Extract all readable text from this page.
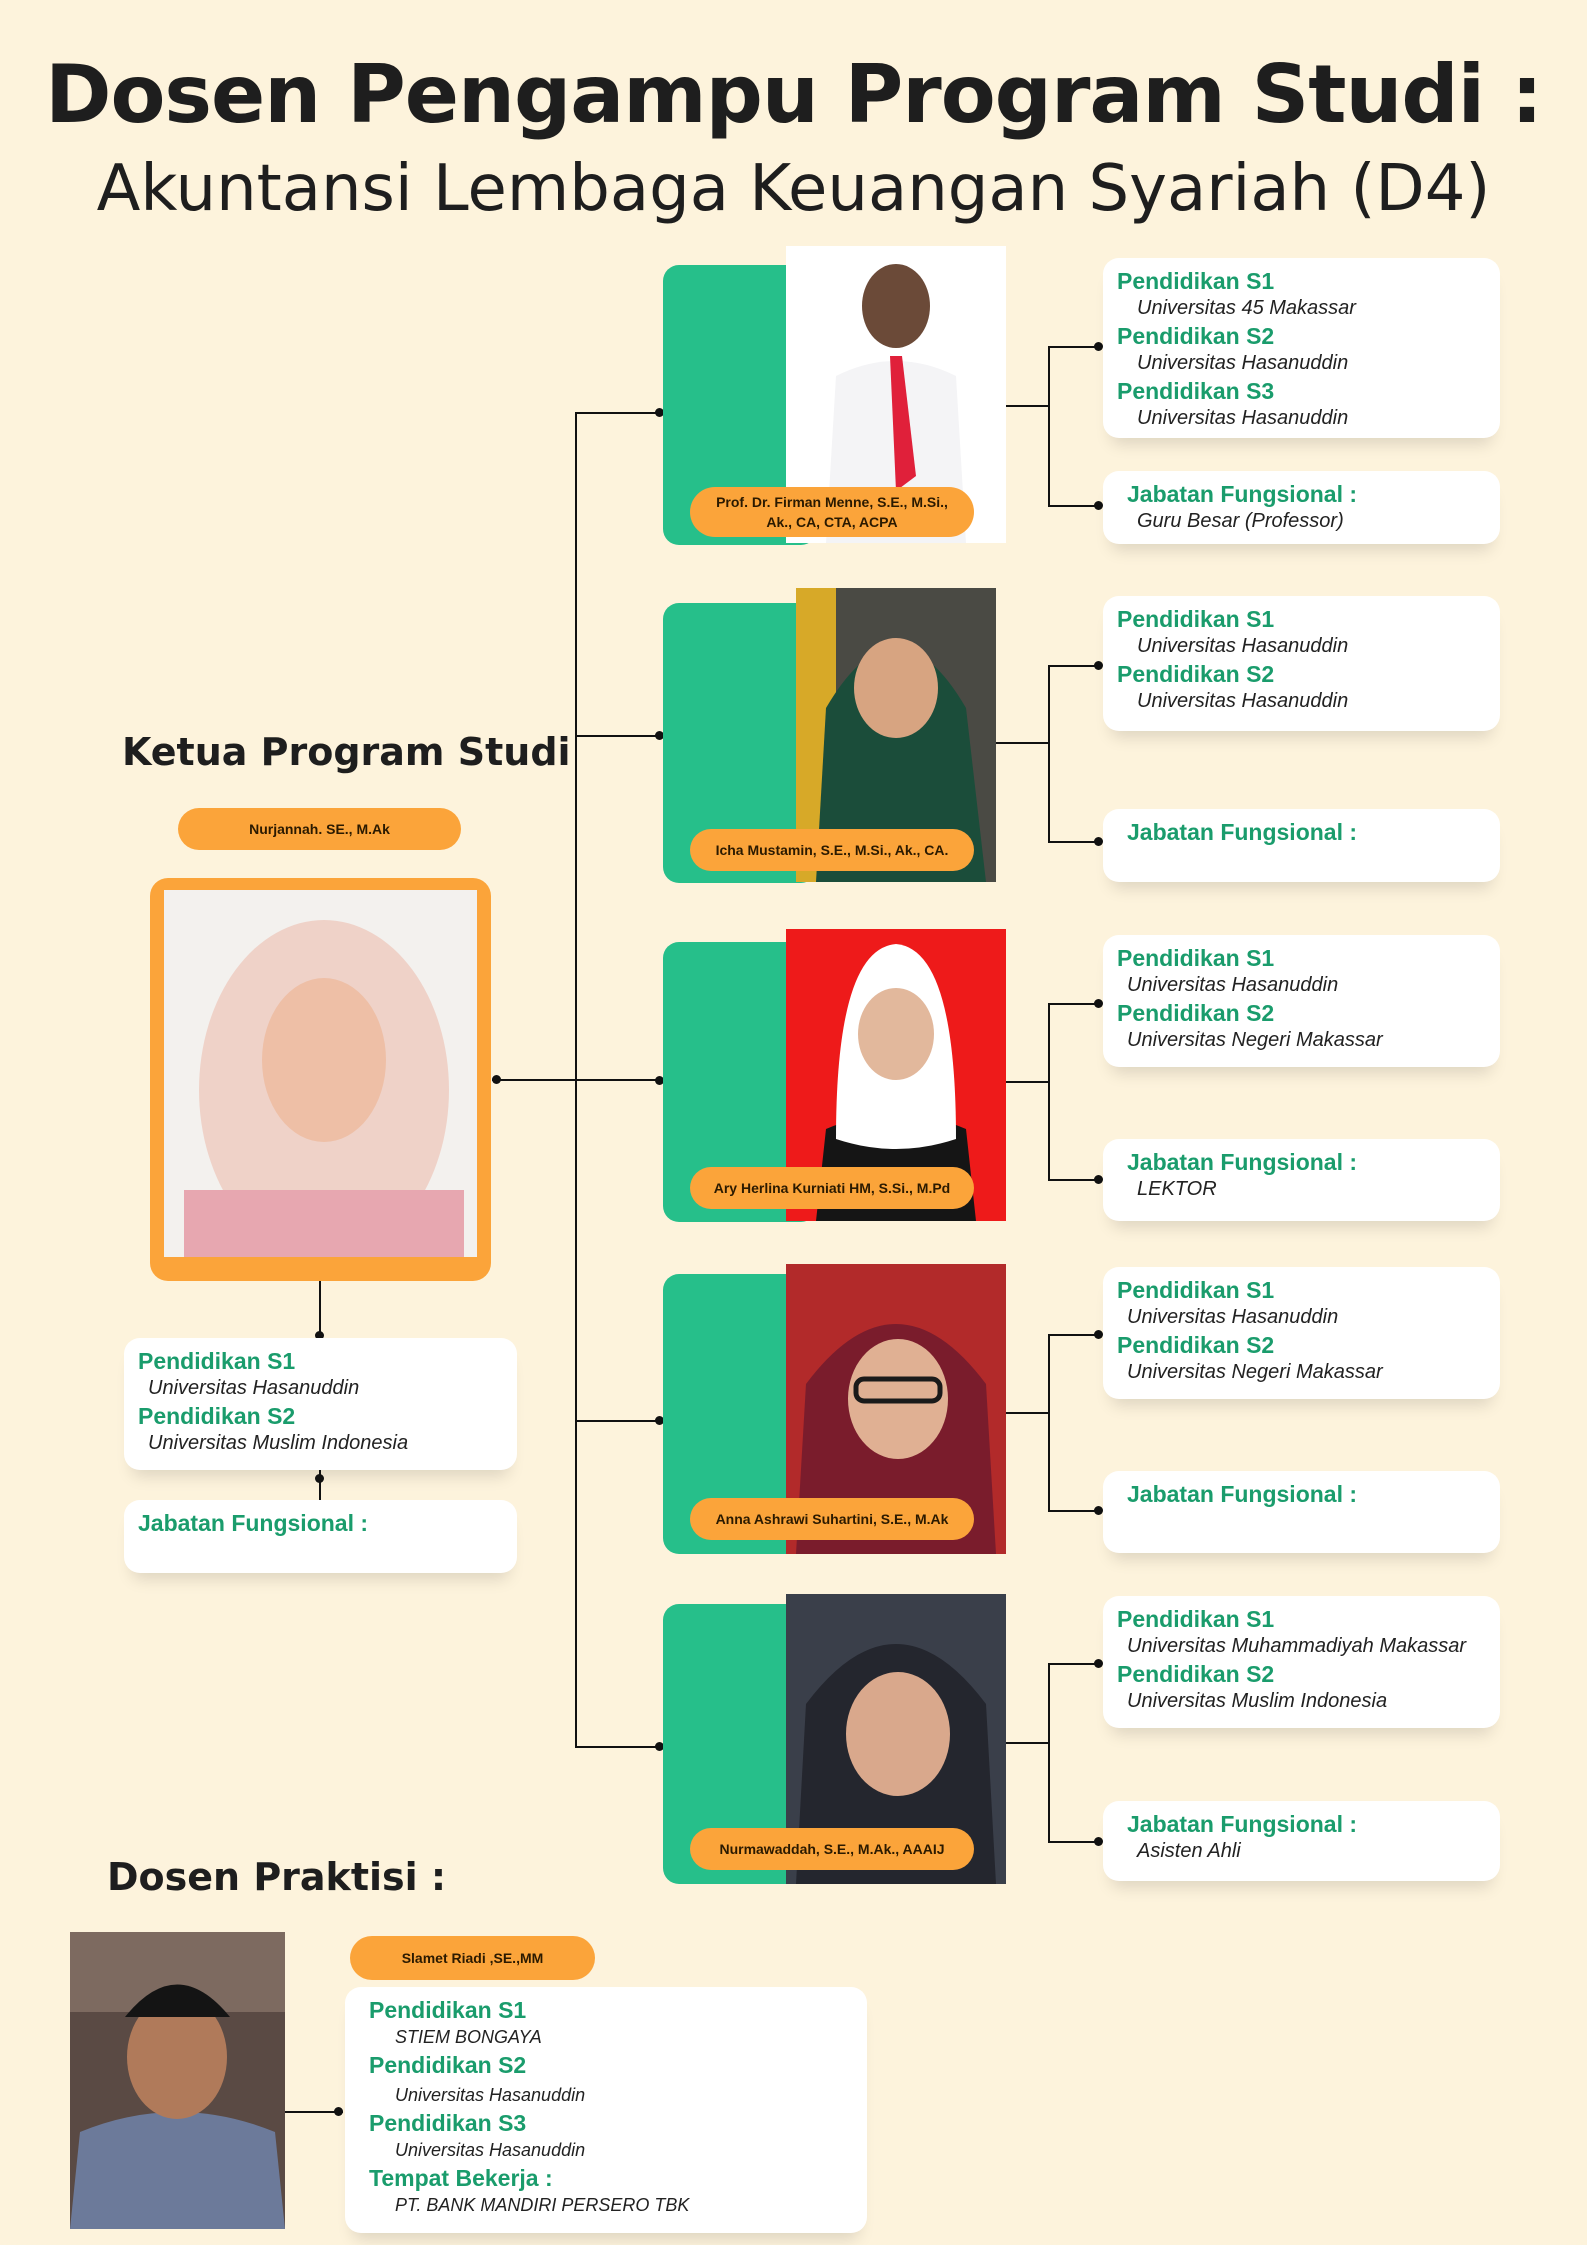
Dosen Pengampu Program Studi :
Akuntansi Lembaga Keuangan Syariah (D4)
Ketua Program Studi
Nurjannah. SE., M.Ak
Pendidikan S1
Universitas Hasanuddin
Pendidikan S2
Universitas Muslim Indonesia
Jabatan Fungsional :
Prof. Dr. Firman Menne, S.E., M.Si., Ak., CA, CTA, ACPA
Pendidikan S1
Universitas 45 Makassar
Pendidikan S2
Universitas Hasanuddin
Pendidikan S3
Universitas Hasanuddin
Jabatan Fungsional :
Guru Besar (Professor)
Icha Mustamin, S.E., M.Si., Ak., CA.
Pendidikan S1
Universitas Hasanuddin
Pendidikan S2
Universitas Hasanuddin
Jabatan Fungsional :
Ary Herlina Kurniati HM, S.Si., M.Pd
Pendidikan S1
Universitas Hasanuddin
Pendidikan S2
Universitas Negeri Makassar
Jabatan Fungsional :
LEKTOR
Anna Ashrawi Suhartini, S.E., M.Ak
Pendidikan S1
Universitas Hasanuddin
Pendidikan S2
Universitas Negeri Makassar
Jabatan Fungsional :
Nurmawaddah, S.E., M.Ak., AAAIJ
Pendidikan S1
Universitas Muhammadiyah Makassar
Pendidikan S2
Universitas Muslim Indonesia
Jabatan Fungsional :
Asisten Ahli
Dosen Praktisi :
Slamet Riadi ,SE.,MM
Pendidikan S1
STIEM BONGAYA
Pendidikan S2
Universitas Hasanuddin
Pendidikan S3
Universitas Hasanuddin
Tempat Bekerja :
PT. BANK MANDIRI PERSERO TBK
